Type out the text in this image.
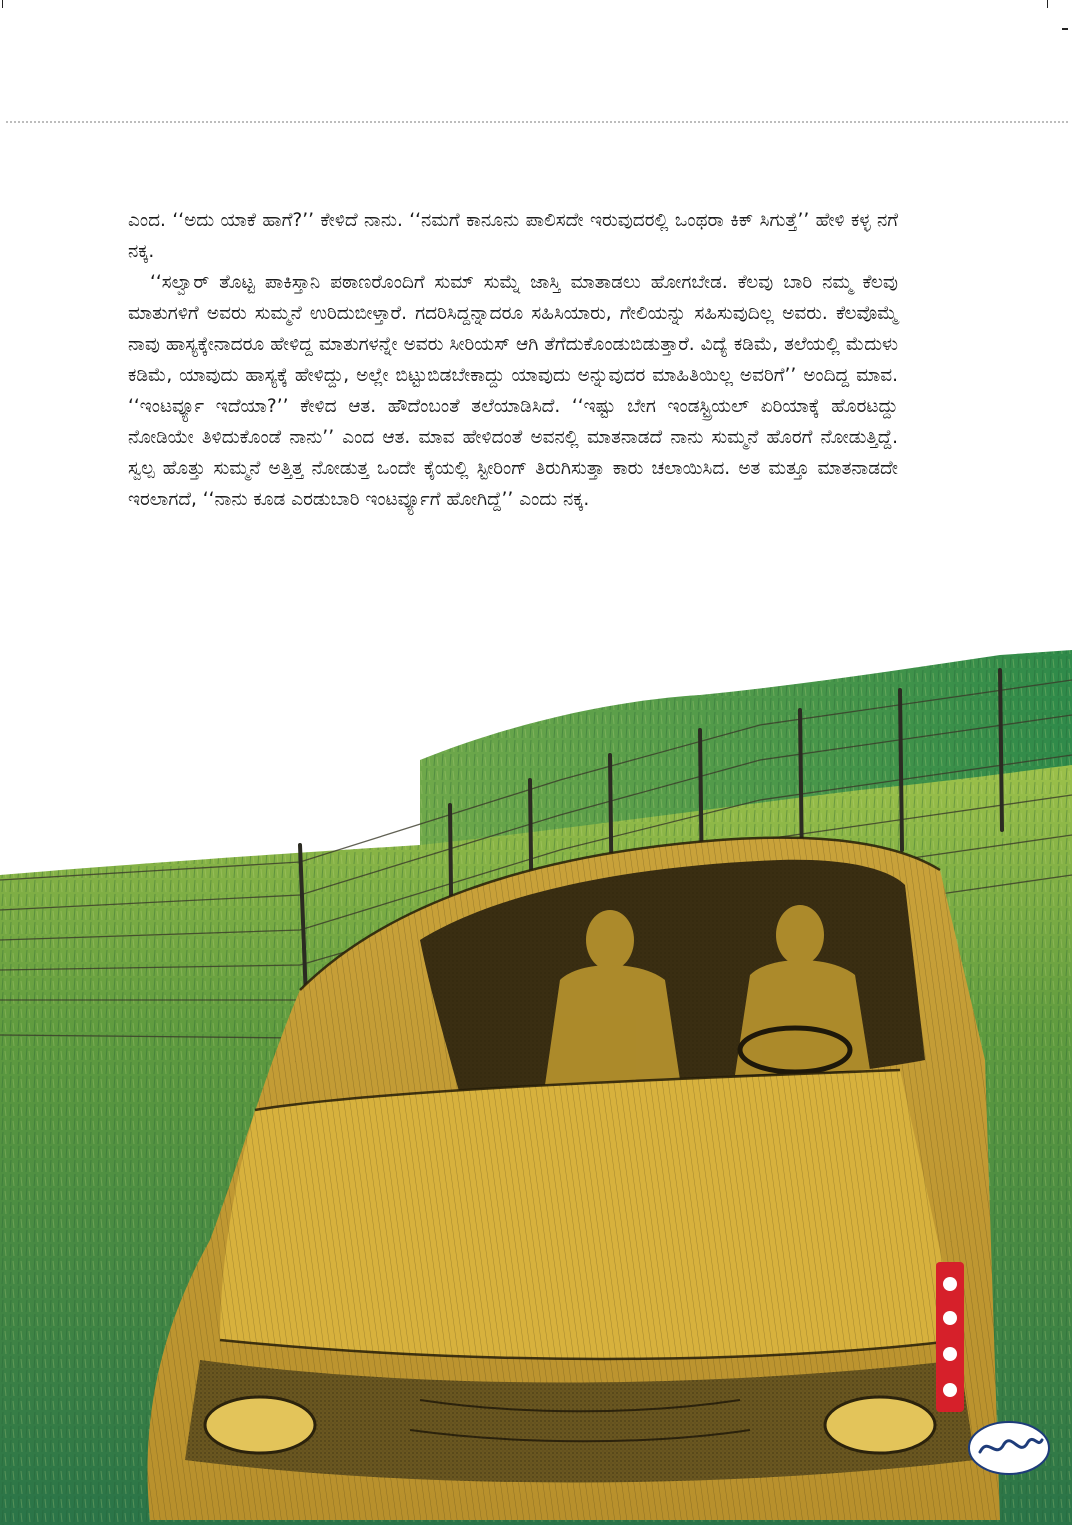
ಎಂದ. ‘‘ಅದು ಯಾಕೆ ಹಾಗೆ?’’ ಕೇಳಿದೆ ನಾನು. ‘‘ನಮಗೆ ಕಾನೂನು ಪಾಲಿಸದೇ ಇರುವುದರಲ್ಲಿ ಒಂಥರಾ ಕಿಕ್ ಸಿಗುತ್ತೆ’’ ಹೇಳಿ ಕಳ್ಳ ನಗೆ ನಕ್ಕ.

‘‘ಸಲ್ವಾರ್ ತೊಟ್ಟ ಪಾಕಿಸ್ತಾನಿ ಪಠಾಣರೊಂದಿಗೆ ಸುಮ್ ಸುಮ್ನೆ ಜಾಸ್ತಿ ಮಾತಾಡಲು ಹೋಗಬೇಡ. ಕೆಲವು ಬಾರಿ ನಮ್ಮ ಕೆಲವು ಮಾತುಗಳಿಗೆ ಅವರು ಸುಮ್ಮನೆ ಉರಿದುಬೀಳ್ತಾರೆ. ಗದರಿಸಿದ್ದನ್ನಾದರೂ ಸಹಿಸಿಯಾರು, ಗೇಲಿಯನ್ನು ಸಹಿಸುವುದಿಲ್ಲ ಅವರು. ಕೆಲವೊಮ್ಮೆ ನಾವು ಹಾಸ್ಯಕ್ಕೇನಾದರೂ ಹೇಳಿದ್ದ ಮಾತುಗಳನ್ನೇ ಅವರು ಸೀರಿಯಸ್ ಆಗಿ ತೆಗೆದುಕೊಂಡುಬಿಡುತ್ತಾರೆ. ವಿದ್ಯೆ ಕಡಿಮೆ, ತಲೆಯಲ್ಲಿ ಮೆದುಳು ಕಡಿಮೆ, ಯಾವುದು ಹಾಸ್ಯಕ್ಕೆ ಹೇಳಿದ್ದು, ಅಲ್ಲೇ ಬಿಟ್ಟುಬಿಡಬೇಕಾದ್ದು ಯಾವುದು ಅನ್ನುವುದರ ಮಾಹಿತಿಯಿಲ್ಲ ಅವರಿಗೆ’’ ಅಂದಿದ್ದ ಮಾವ. ‘‘ಇಂಟರ್ವ್ಯೂ ಇದೆಯಾ?’’ ಕೇಳಿದ ಆತ. ಹೌದೆಂಬಂತೆ ತಲೆಯಾಡಿಸಿದೆ. ‘‘ಇಷ್ಟು ಬೇಗ ಇಂಡಸ್ಟ್ರಿಯಲ್ ಏರಿಯಾಕ್ಕೆ ಹೊರಟದ್ದು ನೋಡಿಯೇ ತಿಳಿದುಕೊಂಡೆ ನಾನು’’ ಎಂದ ಆತ. ಮಾವ ಹೇಳಿದಂತೆ ಅವನಲ್ಲಿ ಮಾತನಾಡದೆ ನಾನು ಸುಮ್ಮನೆ ಹೊರಗೆ ನೋಡುತ್ತಿದ್ದೆ. ಸ್ವಲ್ಪ ಹೊತ್ತು ಸುಮ್ಮನೆ ಅತ್ತಿತ್ತ ನೋಡುತ್ತ ಒಂದೇ ಕೈಯಲ್ಲಿ ಸ್ಟೀರಿಂಗ್ ತಿರುಗಿಸುತ್ತಾ ಕಾರು ಚಲಾಯಿಸಿದ. ಅತ ಮತ್ತೂ ಮಾತನಾಡದೇ ಇರಲಾಗದೆ, ‘‘ನಾನು ಕೂಡ ಎರಡುಬಾರಿ ಇಂಟರ್ವ್ಯೂಗೆ ಹೋಗಿದ್ದೆ’’ ಎಂದು ನಕ್ಕ.
